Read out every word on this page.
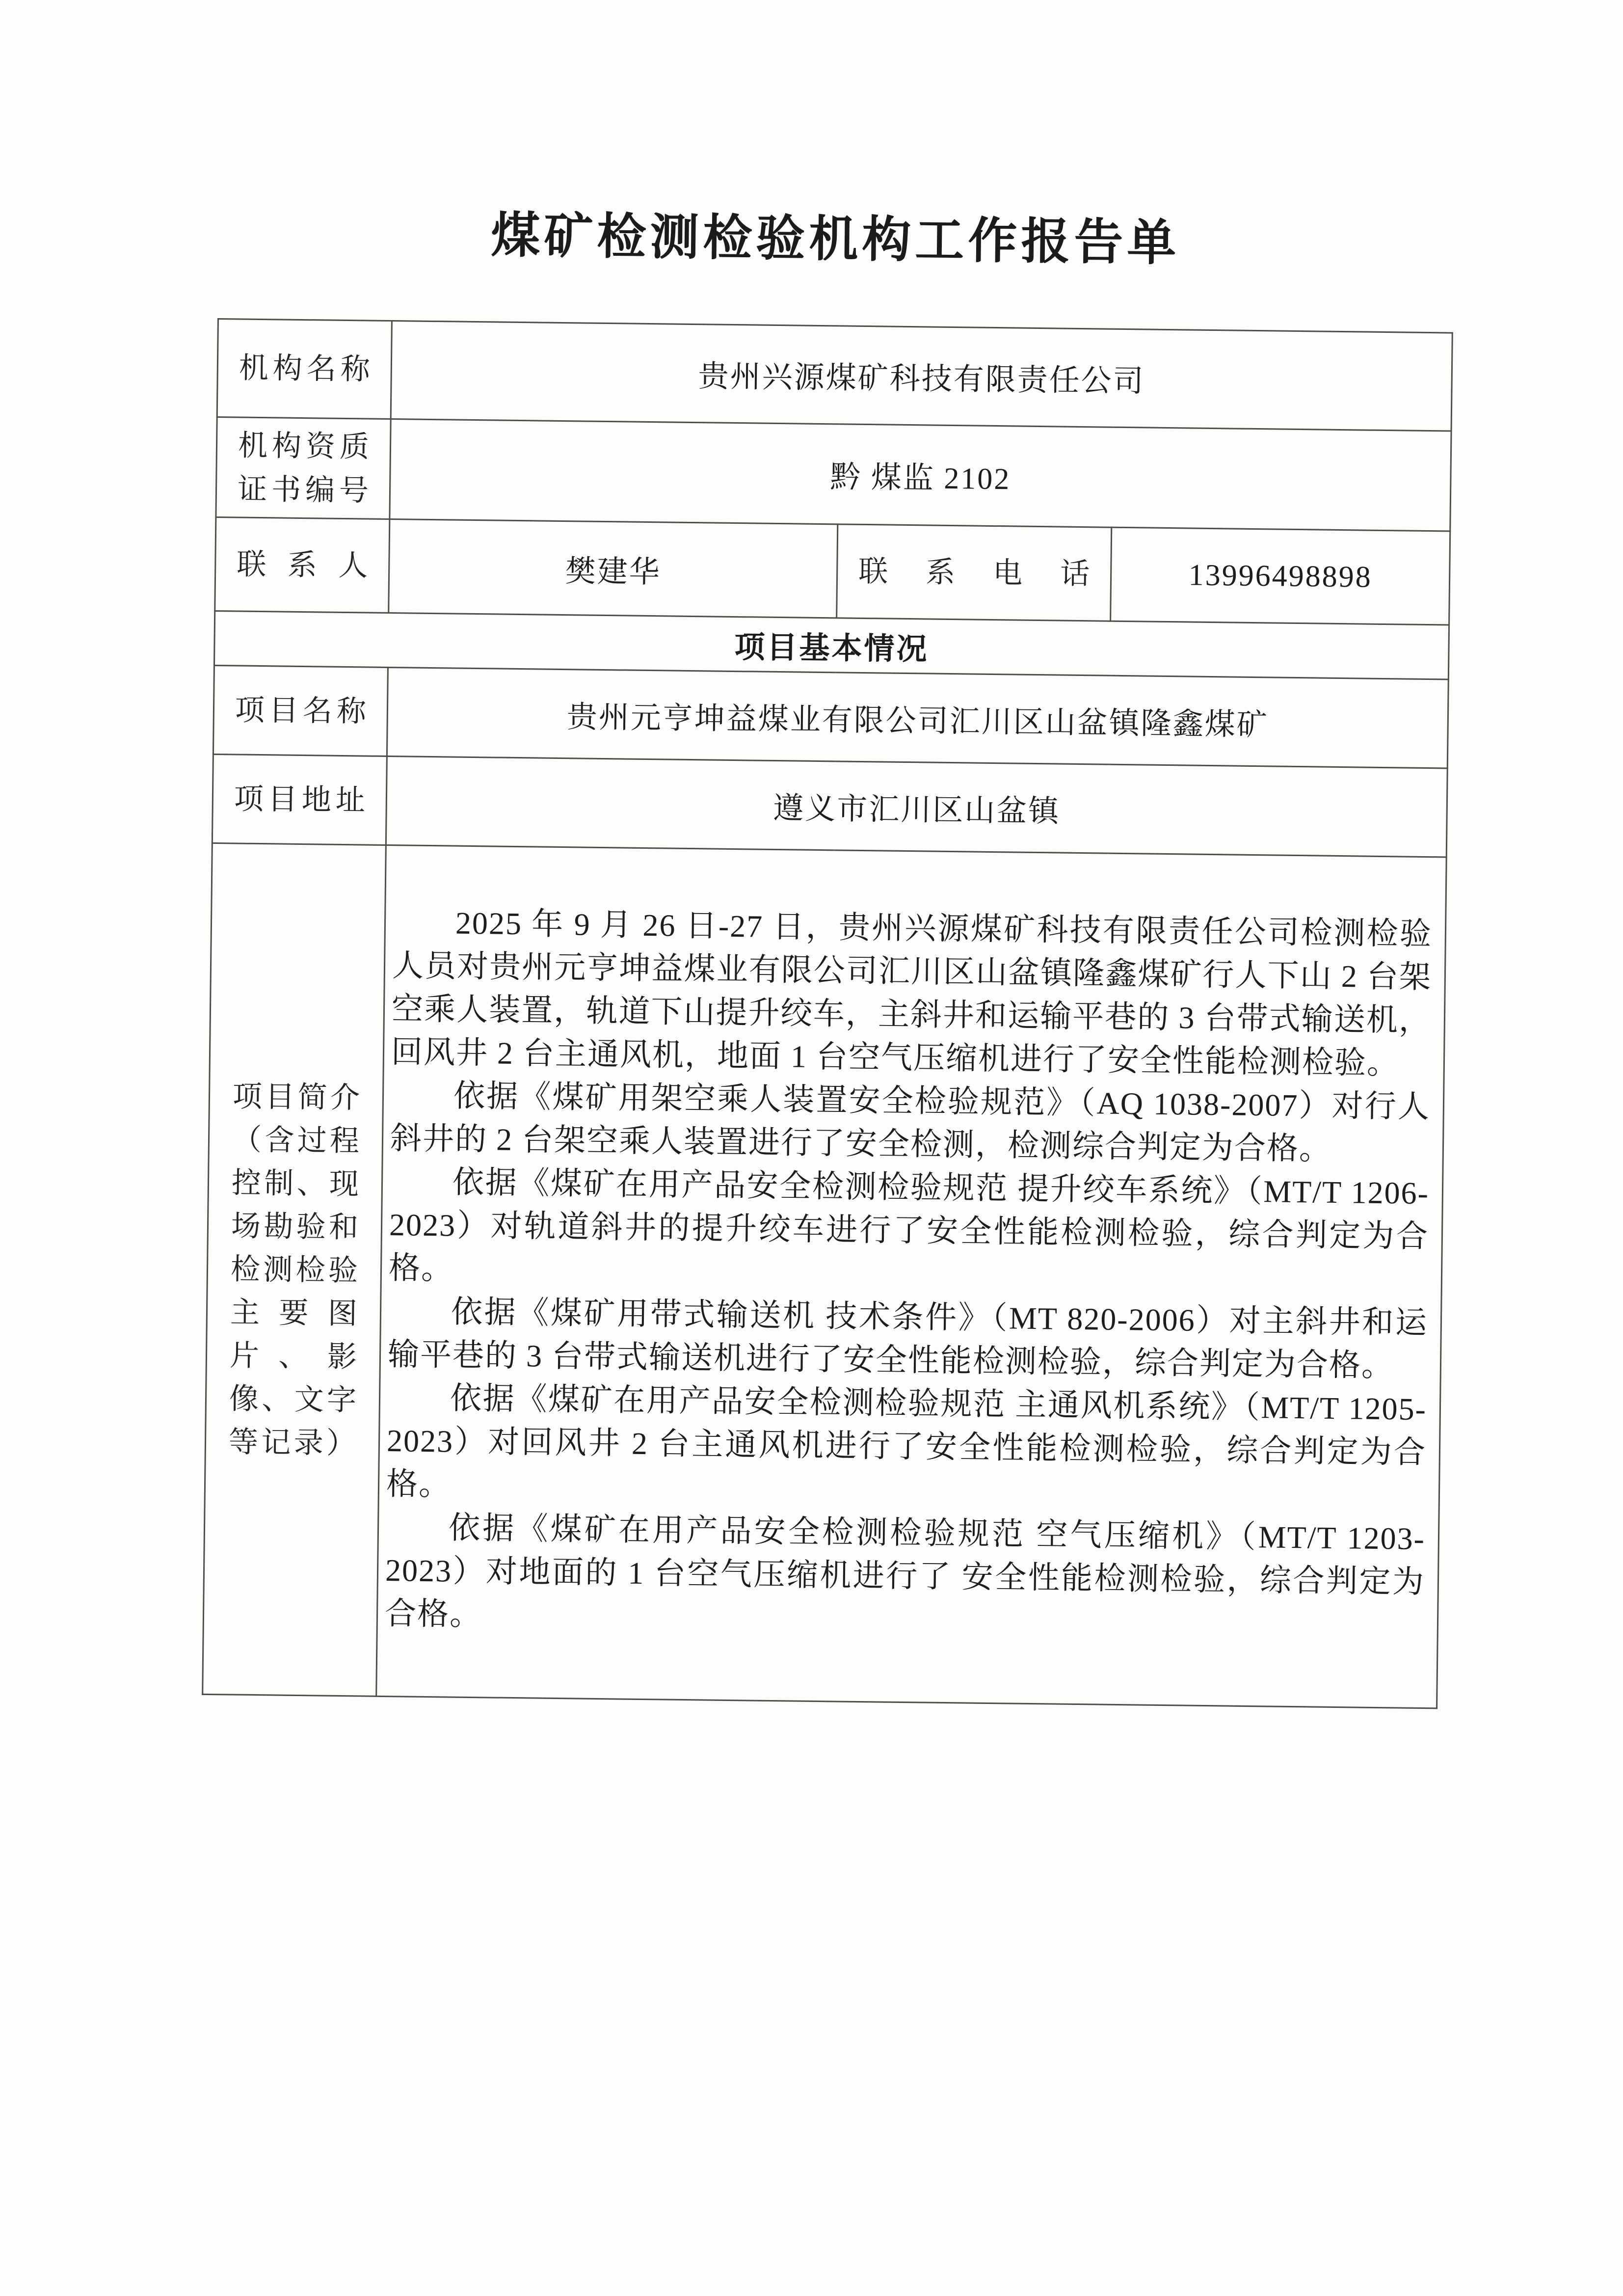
煤矿检测检验机构工作报告单
机构名称	贵州兴源煤矿科技有限责任公司		
机构资质证书编号	黔 煤监 2102		
联系人	樊建华	联系电话	13996498898
项目基本情况			
项目名称	贵州元亨坤益煤业有限公司汇川区山盆镇隆鑫煤矿		
项目地址	遵义市汇川区山盆镇		
项目简介（含过程控制、现场勘验和检测检验主要图片、影像、文字等记录）	

2025 年 9 月 26 日-27 日，贵州兴源煤矿科技有限责任公司检测检验人员对贵州元亨坤益煤业有限公司汇川区山盆镇隆鑫煤矿行人下山 2 台架空乘人装置，轨道下山提升绞车，主斜井和运输平巷的 3 台带式输送机，回风井 2 台主通风机，地面 1 台空气压缩机进行了安全性能检测检验。

依据《煤矿用架空乘人装置安全检验规范》（AQ 1038-2007）对行人斜井的 2 台架空乘人装置进行了安全检测，检测综合判定为合格。

依据《煤矿在用产品安全检测检验规范 提升绞车系统》（MT/T 1206-2023）对轨道斜井的提升绞车进行了安全性能检测检验，综合判定为合格。

依据《煤矿用带式输送机 技术条件》（MT 820-2006）对主斜井和运输平巷的 3 台带式输送机进行了安全性能检测检验，综合判定为合格。

依据《煤矿在用产品安全检测检验规范 主通风机系统》（MT/T 1205-2023）对回风井 2 台主通风机进行了安全性能检测检验，综合判定为合格。

依据《煤矿在用产品安全检测检验规范 空气压缩机》（MT/T 1203-2023）对地面的 1 台空气压缩机进行了 安全性能检测检验，综合判定为合格。
